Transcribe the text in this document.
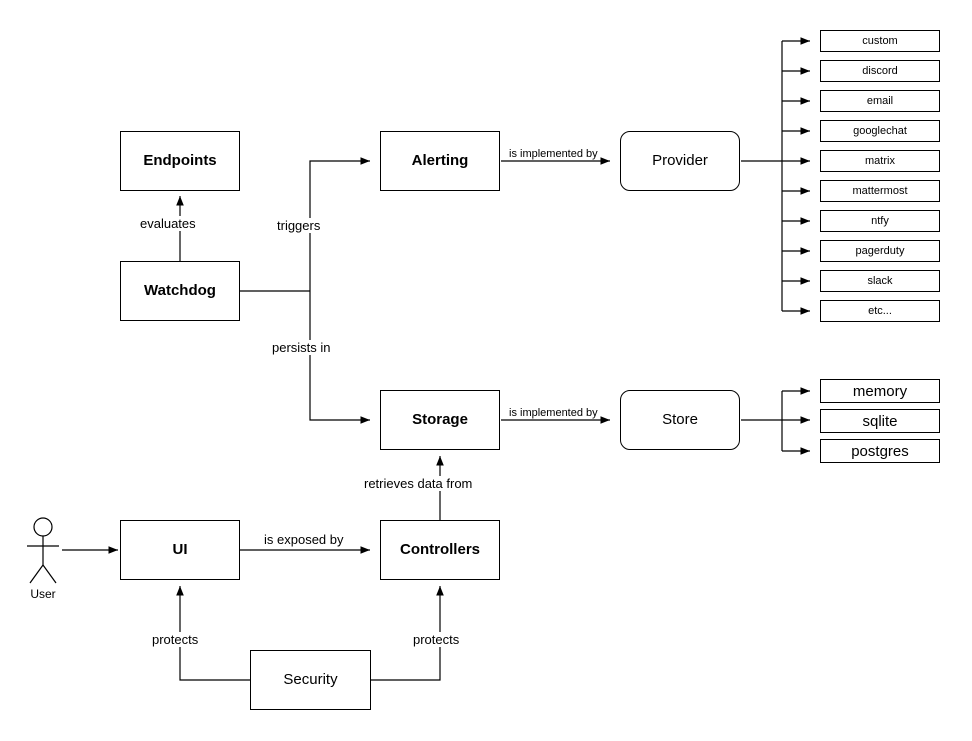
Endpoints
Watchdog
Alerting	Provider
Storage	Store
UI	Controllers
Security
custom
discord
email
googlechat
matrix
mattermost
ntfy
pagerduty
slack
etc...
memory
sqlite
postgres
evaluates	triggers
persists in
is implemented by
is implemented by
retrieves data from
is exposed by
protects	protects
User
